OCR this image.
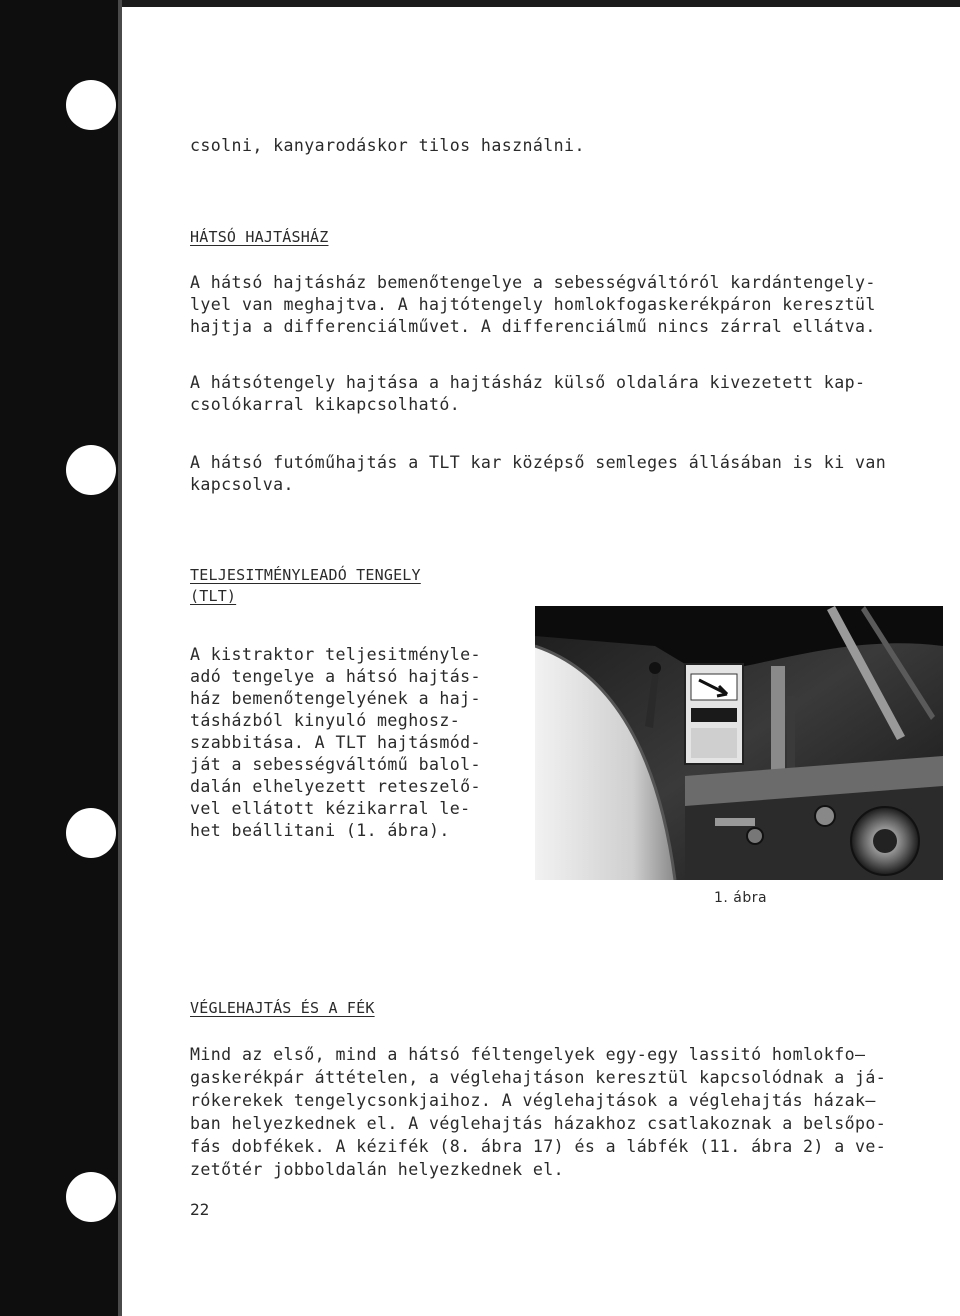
csolni, kanyarodáskor tilos használni.
HÁTSÓ HAJTÁSHÁZ
A hátsó hajtásház bemenőtengelye a sebességváltóról kardántengely-
lyel van meghajtva. A hajtótengely homlokfogaskerékpáron keresztül
hajtja a differenciálművet. A differenciálmű nincs zárral ellátva.
A hátsótengely hajtása a hajtásház külső oldalára kivezetett kap-
csolókarral kikapcsolható.
A hátsó futóműhajtás a TLT kar középső semleges állásában is ki van
kapcsolva.
TELJESITMÉNYLEADÓ TENGELY
(TLT)
A kistraktor teljesitménylе-
adó tengelye a hátsó hajtás-
ház bemenőtengelyének a haj-
tásházból kinyuló meghosz-
szabbitása. A TLT hajtásmód-
ját a sebességváltómű balol-
dalán elhelyezett reteszelő-
vel ellátott kézikarral le-
het beállitani (1. ábra).
1. ábra
VÉGLEHAJTÁS ÉS A FÉK
Mind az első, mind a hátsó féltengelyek egy-egy lassitó homlokfo—
gaskerékpár áttételen, a véglehajtáson keresztül kapcsolódnak a já-
rókerekek tengelycsonkjaihoz. A véglehajtások a véglehajtás házak—
ban helyezkednek el. A véglehajtás házakhoz csatlakoznak a belsőpo-
fás dobfékek. A kézifék (8. ábra 17) és a lábfék (11. ábra 2) a ve-
zetőtér jobboldalán helyezkednek el.
22
